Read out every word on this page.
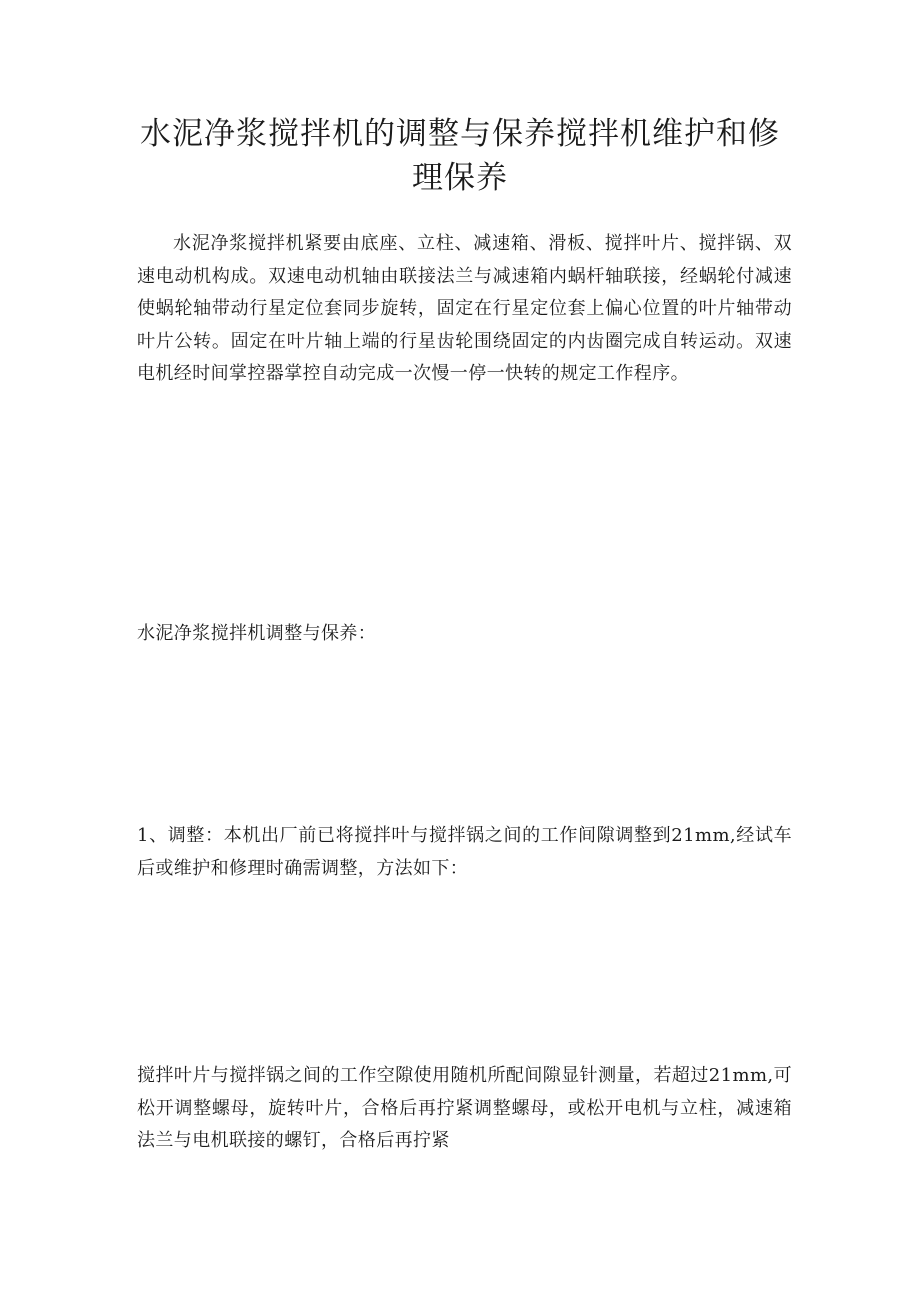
水泥净浆搅拌机的调整与保养搅拌机维护和修理保养

水泥净浆搅拌机紧要由底座、立柱、减速箱、滑板、搅拌叶片、搅拌锅、双速电动机构成。双速电动机轴由联接法兰与减速箱内蜗杆轴联接，经蜗轮付减速使蜗轮轴带动行星定位套同步旋转，固定在行星定位套上偏心位置的叶片轴带动叶片公转。固定在叶片轴上端的行星齿轮围绕固定的内齿圈完成自转运动。双速电机经时间掌控器掌控自动完成一次慢一停一快转的规定工作程序。

水泥净浆搅拌机调整与保养：

1、调整：本机出厂前已将搅拌叶与搅拌锅之间的工作间隙调整到21mm,经试车后或维护和修理时确需调整，方法如下：

搅拌叶片与搅拌锅之间的工作空隙使用随机所配间隙显针测量，若超过21mm,可松开调整螺母，旋转叶片，合格后再拧紧调整螺母，或松开电机与立柱，减速箱法兰与电机联接的螺钉，合格后再拧紧
